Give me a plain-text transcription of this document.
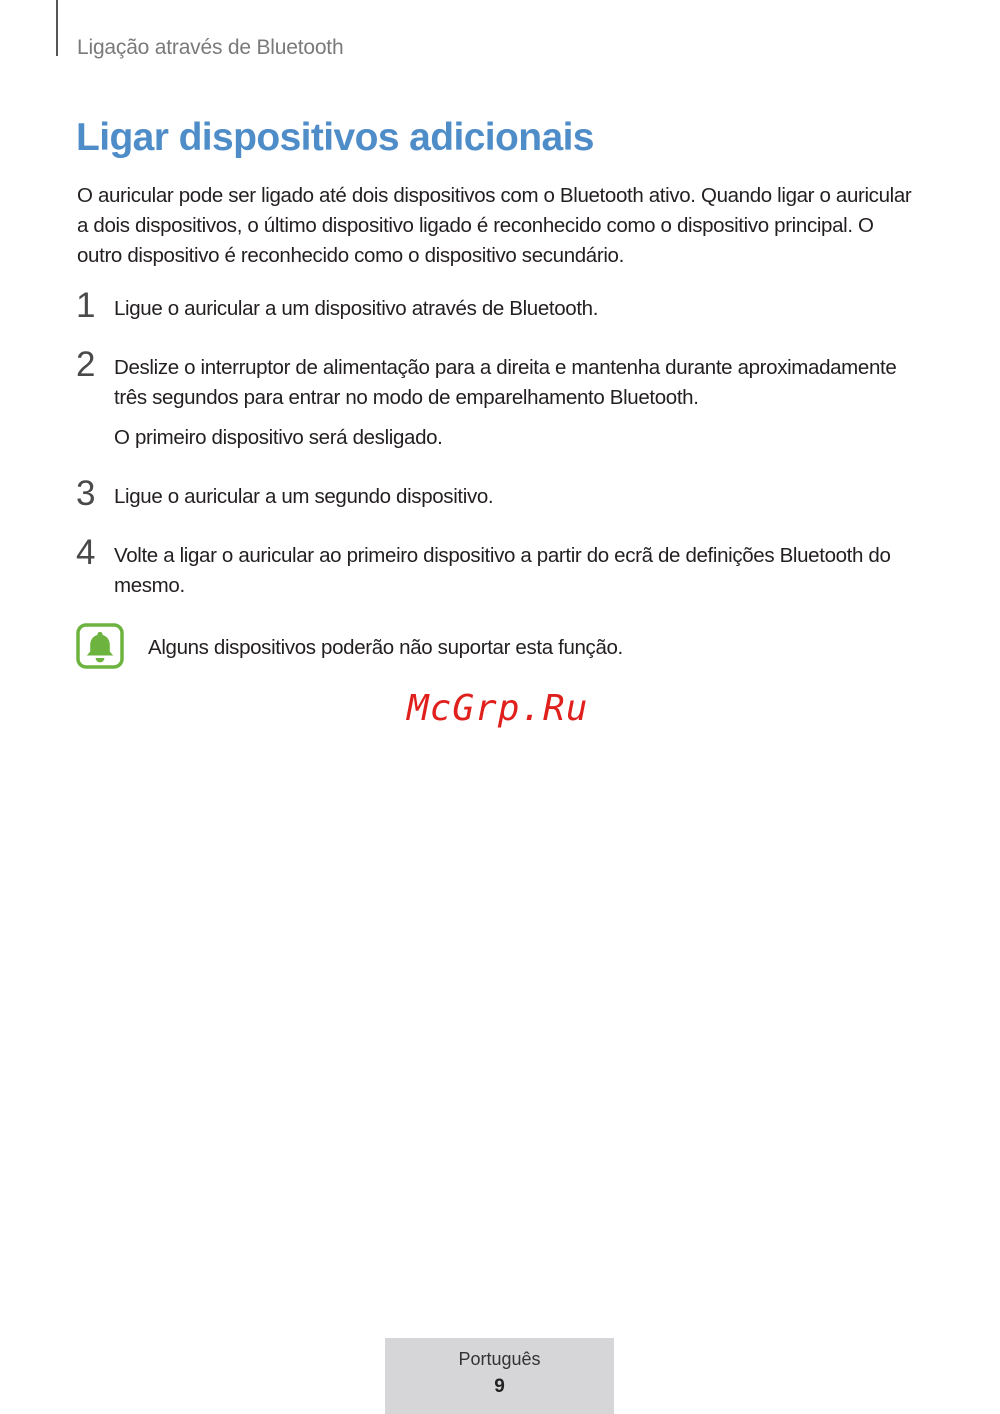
Ligação através de Bluetooth
Ligar dispositivos adicionais

O auricular pode ser ligado até dois dispositivos com o Bluetooth ativo. Quando ligar o auricular a dois dispositivos, o último dispositivo ligado é reconhecido como o dispositivo principal. O outro dispositivo é reconhecido como o dispositivo secundário.

1 Ligue o auricular a um dispositivo através de Bluetooth.
2 Deslize o interruptor de alimentação para a direita e mantenha durante aproximadamente três segundos para entrar no modo de emparelhamento Bluetooth.
O primeiro dispositivo será desligado.
3 Ligue o auricular a um segundo dispositivo.
4 Volte a ligar o auricular ao primeiro dispositivo a partir do ecrã de definições Bluetooth do mesmo.
Alguns dispositivos poderão não suportar esta função.
McGrp.Ru
Português
9
